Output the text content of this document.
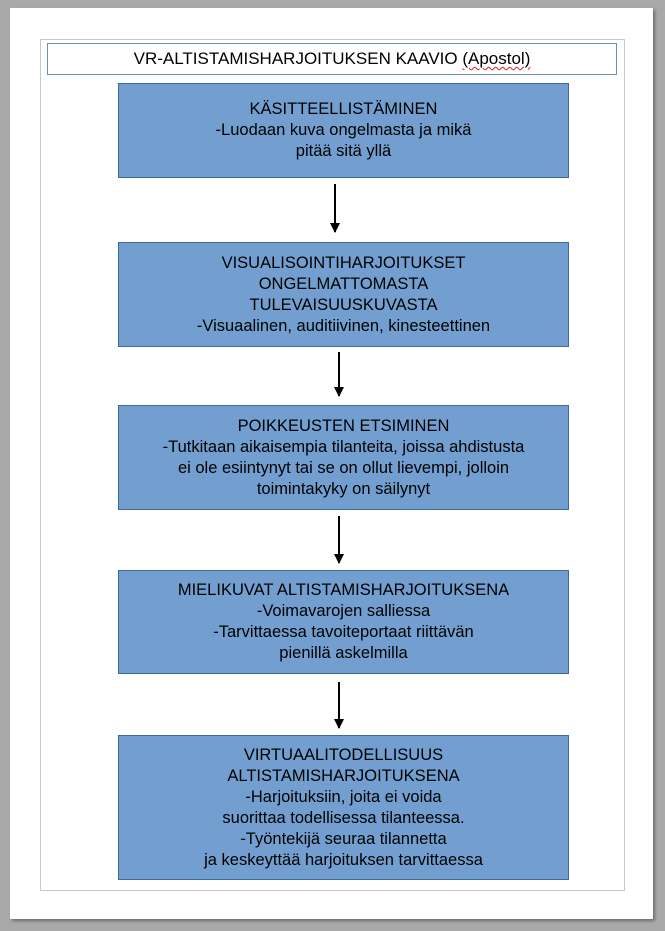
VR-ALTISTAMISHARJOITUKSEN KAAVIO
(Apostol)
KÄSITTEELLISTÄMINEN
-Luodaan kuva ongelmasta ja mikä
pitää sitä yllä
VISUALISOINTIHARJOITUKSET
ONGELMATTOMASTA
TULEVAISUUSKUVASTA
-Visuaalinen, auditiivinen, kinesteettinen
POIKKEUSTEN ETSIMINEN
-Tutkitaan aikaisempia tilanteita, joissa ahdistusta
ei ole esiintynyt tai se on ollut lievempi, jolloin
toimintakyky on säilynyt
MIELIKUVAT ALTISTAMISHARJOITUKSENA
-Voimavarojen salliessa
-Tarvittaessa tavoiteportaat riittävän
pienillä askelmilla
VIRTUAALITODELLISUUS
ALTISTAMISHARJOITUKSENA
-Harjoituksiin, joita ei voida
suorittaa todellisessa tilanteessa.
-Työntekijä seuraa tilannetta
ja keskeyttää harjoituksen tarvittaessa
